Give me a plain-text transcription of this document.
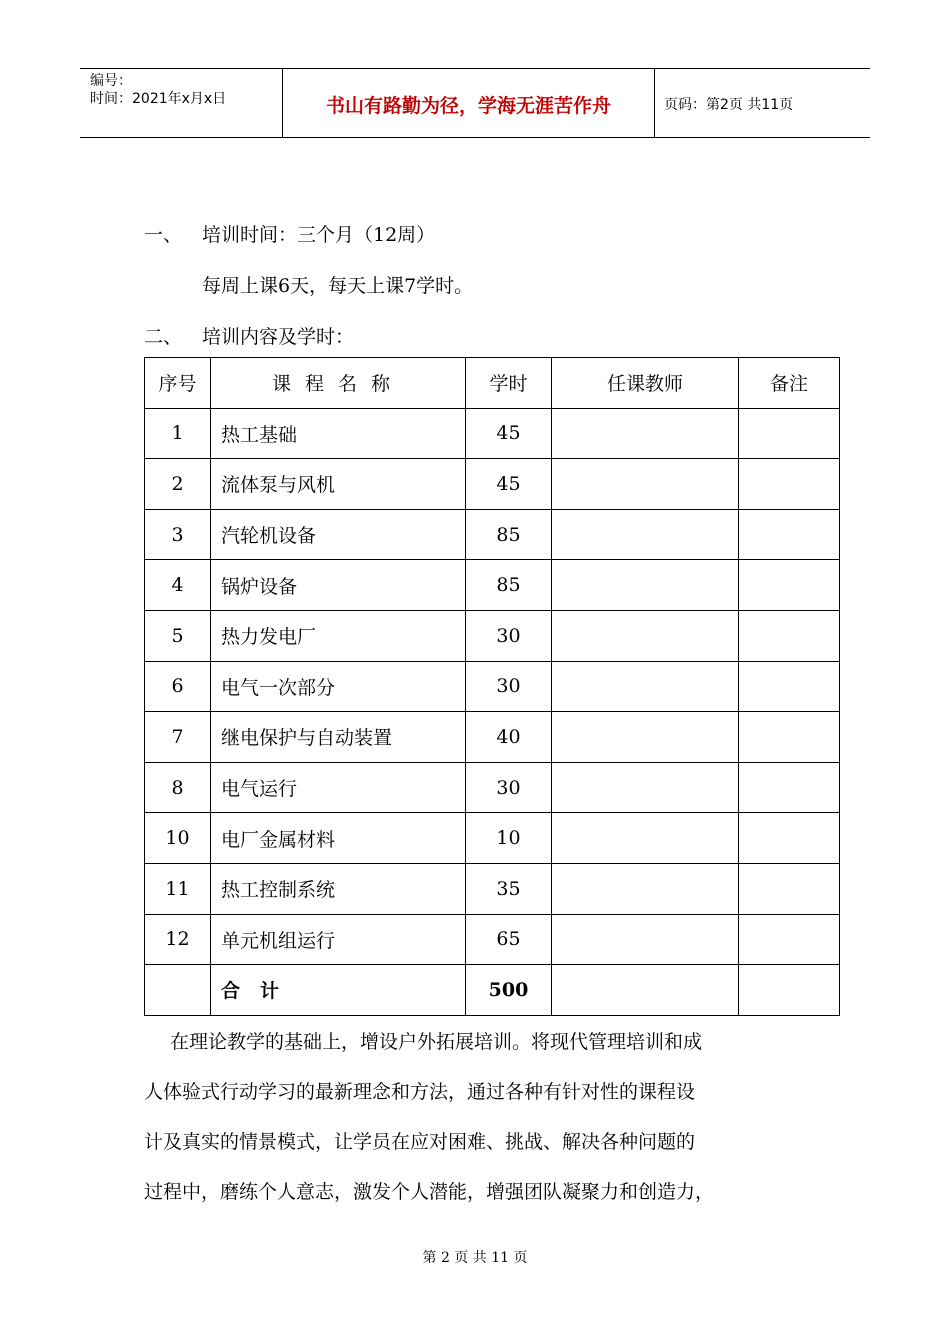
编号：
时间：2021年x月x日	书山有路勤为径，学海无涯苦作舟	页码：第2页 共11页
一、 培训时间：三个月（12周）
每周上课6天，每天上课7学时。
二、 培训内容及学时：
序号	课程名称	学时	任课教师	备注
1	热工基础	45		
2	流体泵与风机	45		
3	汽轮机设备	85		
4	锅炉设备	85		
5	热力发电厂	30		
6	电气一次部分	30		
7	继电保护与自动装置	40		
8	电气运行	30		
10	电厂金属材料	10		
11	热工控制系统	35		
12	单元机组运行	65		
	合计	500		
在理论教学的基础上，增设户外拓展培训。将现代管理培训和成
人体验式行动学习的最新理念和方法，通过各种有针对性的课程设
计及真实的情景模式，让学员在应对困难、挑战、解决各种问题的
过程中，磨练个人意志，激发个人潜能，增强团队凝聚力和创造力，
第 2 页 共 11 页
